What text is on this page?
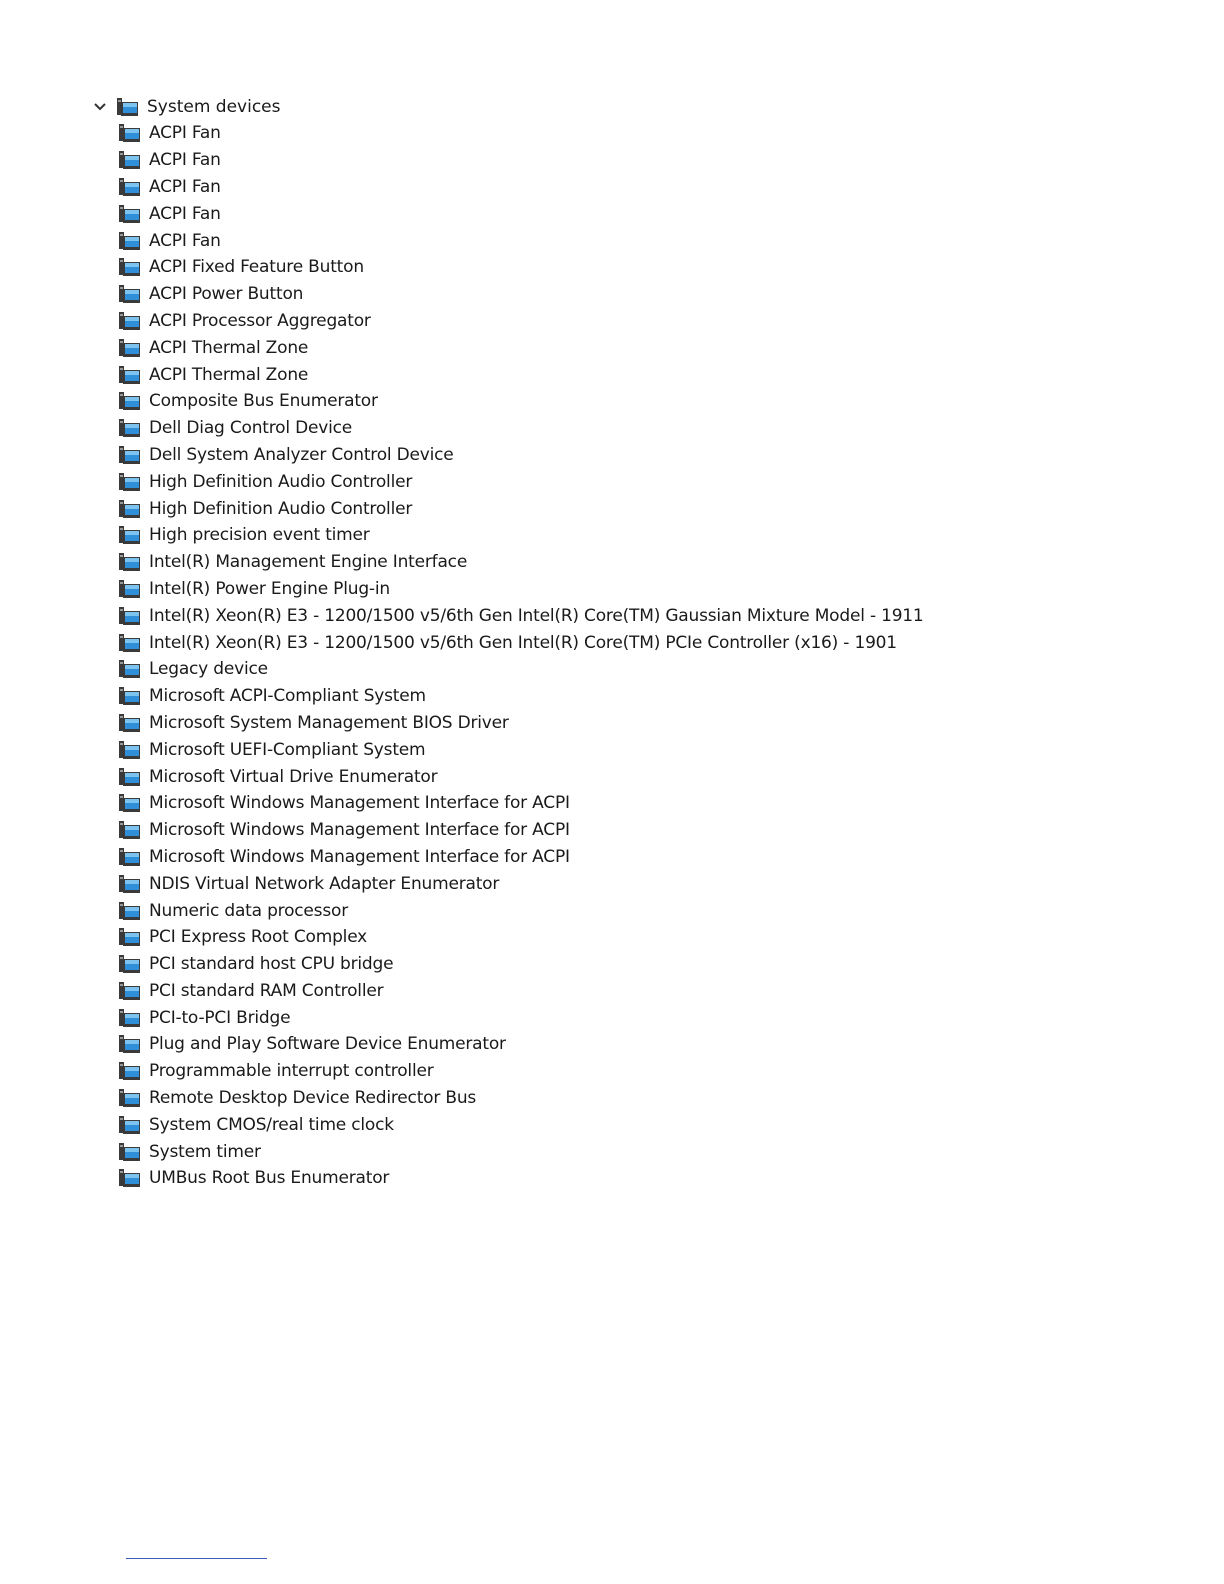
System devices
ACPI Fan
ACPI Fan
ACPI Fan
ACPI Fan
ACPI Fan
ACPI Fixed Feature Button
ACPI Power Button
ACPI Processor Aggregator
ACPI Thermal Zone
ACPI Thermal Zone
Composite Bus Enumerator
Dell Diag Control Device
Dell System Analyzer Control Device
High Definition Audio Controller
High Definition Audio Controller
High precision event timer
Intel(R) Management Engine Interface
Intel(R) Power Engine Plug-in
Intel(R) Xeon(R) E3 - 1200/1500 v5/6th Gen Intel(R) Core(TM) Gaussian Mixture Model - 1911
Intel(R) Xeon(R) E3 - 1200/1500 v5/6th Gen Intel(R) Core(TM) PCIe Controller (x16) - 1901
Legacy device
Microsoft ACPI-Compliant System
Microsoft System Management BIOS Driver
Microsoft UEFI-Compliant System
Microsoft Virtual Drive Enumerator
Microsoft Windows Management Interface for ACPI
Microsoft Windows Management Interface for ACPI
Microsoft Windows Management Interface for ACPI
NDIS Virtual Network Adapter Enumerator
Numeric data processor
PCI Express Root Complex
PCI standard host CPU bridge
PCI standard RAM Controller
PCI-to-PCI Bridge
Plug and Play Software Device Enumerator
Programmable interrupt controller
Remote Desktop Device Redirector Bus
System CMOS/real time clock
System timer
UMBus Root Bus Enumerator
